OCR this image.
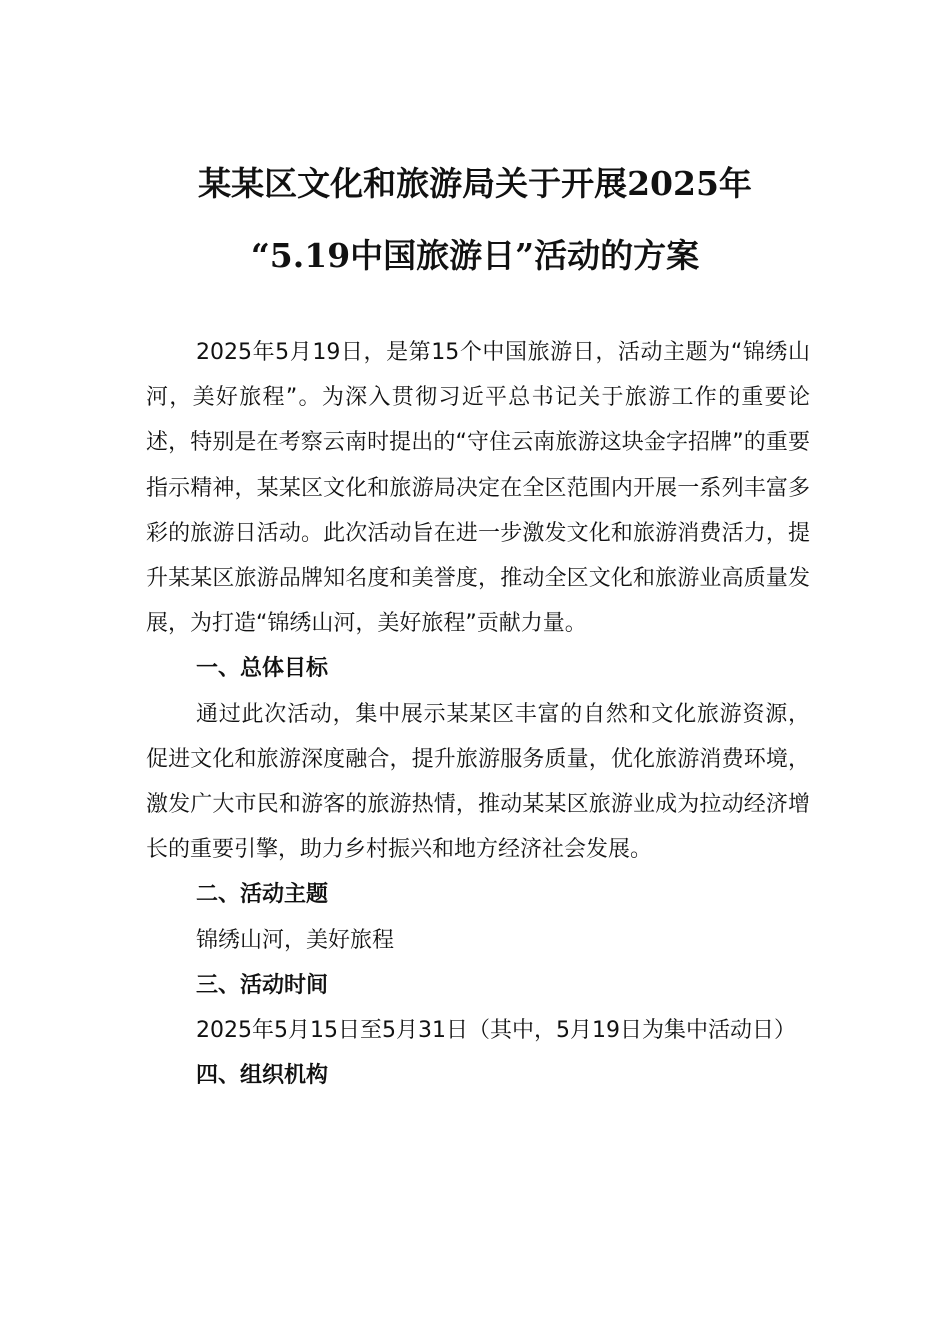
某某区文化和旅游局关于开展2025年
“5.19中国旅游日”活动的方案

2025年5月19日，是第15个中国旅游日，活动主题为“锦绣山河，美好旅程”。为深入贯彻习近平总书记关于旅游工作的重要论述，特别是在考察云南时提出的“守住云南旅游这块金字招牌”的重要指示精神，某某区文化和旅游局决定在全区范围内开展一系列丰富多彩的旅游日活动。此次活动旨在进一步激发文化和旅游消费活力，提升某某区旅游品牌知名度和美誉度，推动全区文化和旅游业高质量发展，为打造“锦绣山河，美好旅程”贡献力量。

一、总体目标

通过此次活动，集中展示某某区丰富的自然和文化旅游资源，促进文化和旅游深度融合，提升旅游服务质量，优化旅游消费环境，激发广大市民和游客的旅游热情，推动某某区旅游业成为拉动经济增长的重要引擎，助力乡村振兴和地方经济社会发展。

二、活动主题

锦绣山河，美好旅程

三、活动时间

2025年5月15日至5月31日（其中，5月19日为集中活动日）

四、组织机构
